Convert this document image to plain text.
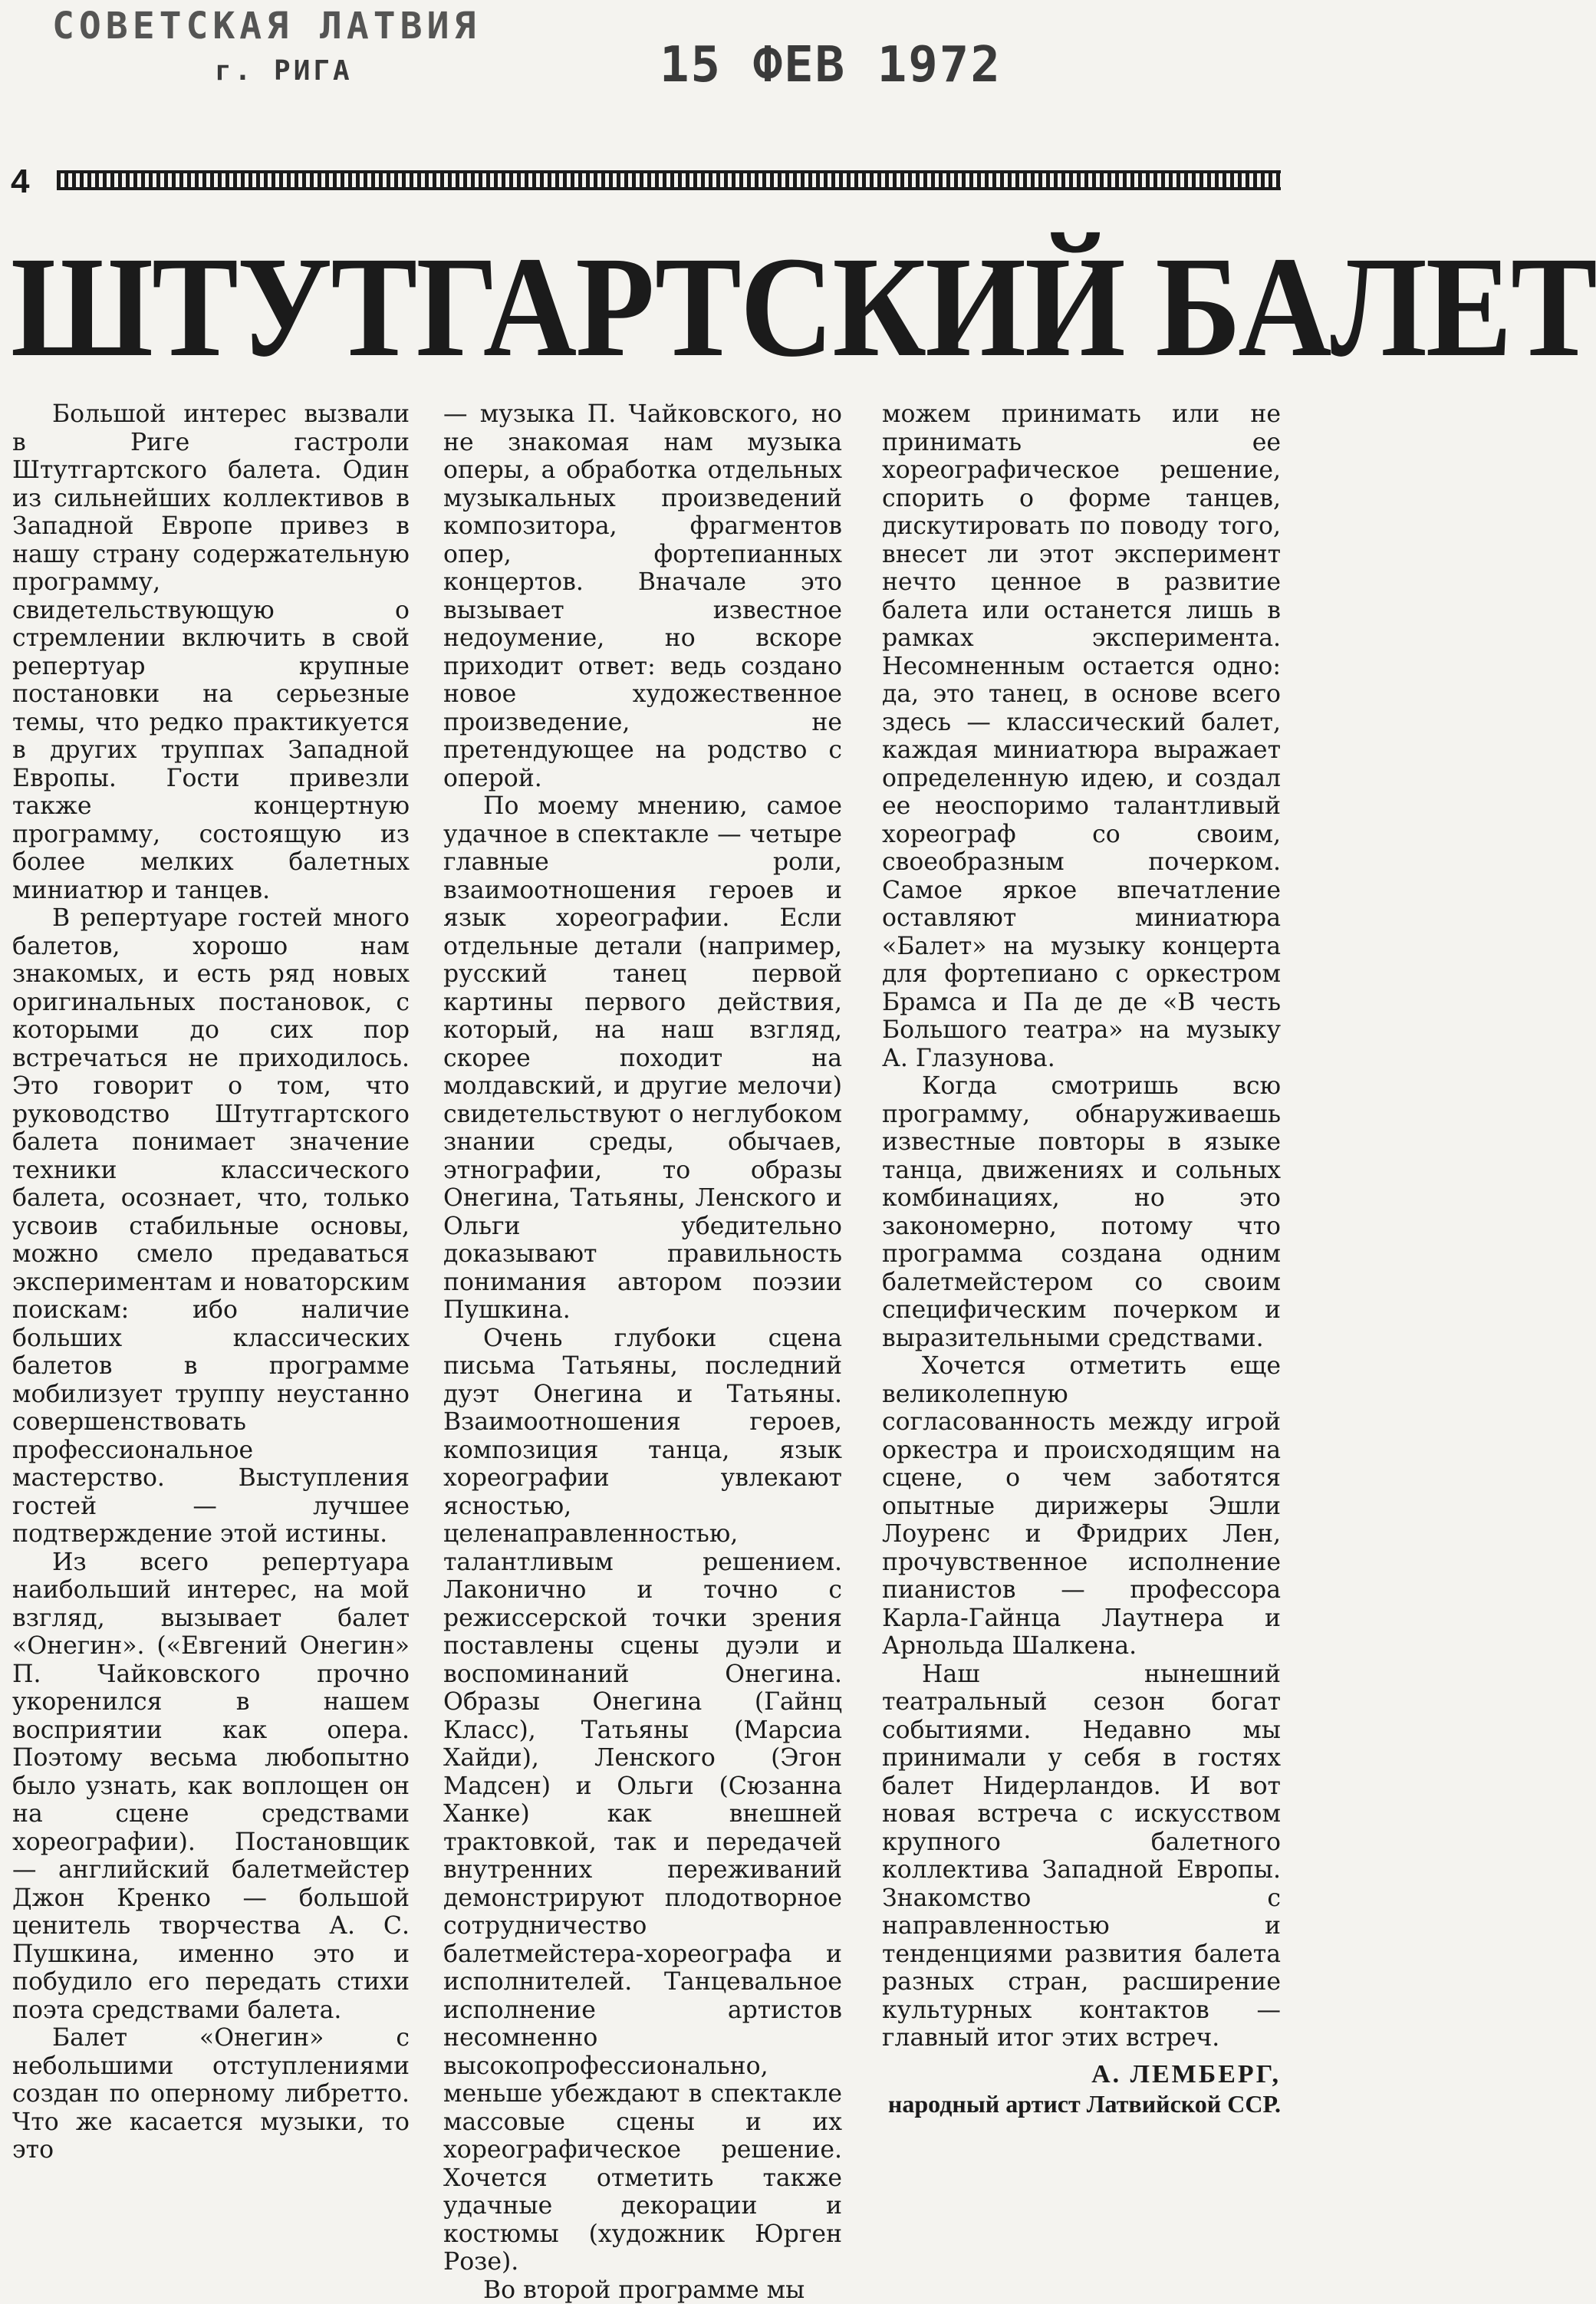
СОВЕТСКАЯ ЛАТВИЯ
г. РИГА	15 ФЕВ 1972
4
ШТУТГАРТСКИЙ БАЛЕТ

Большой интерес вызвали в Риге гастроли Штутгартского балета. Один из сильнейших коллективов в Западной Европе привез в нашу страну содержательную программу, свидетельствующую о стремлении включить в свой репертуар крупные постановки на серьезные темы, что редко практикуется в других труппах Западной Европы. Гости привезли также концертную программу, состоящую из более мелких балетных миниатюр и танцев.

В репертуаре гостей много балетов, хорошо нам знакомых, и есть ряд новых оригинальных постановок, с которыми до сих пор встречаться не приходилось. Это говорит о том, что руководство Штутгартского балета понимает значение техники классического балета, осознает, что, только усвоив стабильные основы, можно смело предаваться экспериментам и новаторским поискам: ибо наличие больших классических балетов в программе мобилизует труппу неустанно совершенствовать профессиональное мастерство. Выступления гостей — лучшее подтверждение этой истины.

Из всего репертуара наибольший интерес, на мой взгляд, вызывает балет «Онегин». («Евгений Онегин» П. Чайковского прочно укоренился в нашем восприятии как опера. Поэтому весьма любопытно было узнать, как воплощен он на сцене средствами хореографии). Постановщик — английский балетмейстер Джон Кренко — большой ценитель творчества А. С. Пушкина, именно это и побудило его передать стихи поэта средствами балета.

Балет «Онегин» с небольшими отступлениями создан по оперному либретто. Что же касается музыки, то это

— музыка П. Чайковского, но не знакомая нам музыка оперы, а обработка отдельных музыкальных произведений композитора, фрагментов опер, фортепианных концертов. Вначале это вызывает известное недоумение, но вскоре приходит ответ: ведь создано новое художественное произведение, не претендующее на родство с оперой.

По моему мнению, самое удачное в спектакле — четыре главные роли, взаимоотношения героев и язык хореографии. Если отдельные детали (например, русский танец первой картины первого действия, который, на наш взгляд, скорее походит на молдавский, и другие мелочи) свидетельствуют о неглубоком знании среды, обычаев, этнографии, то образы Онегина, Татьяны, Ленского и Ольги убедительно доказывают правильность понимания автором поэзии Пушкина.

Очень глубоки сцена письма Татьяны, последний дуэт Онегина и Татьяны. Взаимоотношения героев, композиция танца, язык хореографии увлекают ясностью, целенаправленностью, талантливым решением. Лаконично и точно с режиссерской точки зрения поставлены сцены дуэли и воспоминаний Онегина. Образы Онегина (Гайнц Класс), Татьяны (Марсиа Хайди), Ленского (Эгон Мадсен) и Ольги (Сюзанна Ханке) как внешней трактовкой, так и передачей внутренних переживаний демонстрируют плодотворное сотрудничество балетмейстера-хореографа и исполнителей. Танцевальное исполнение артистов несомненно высокопрофессионально, меньше убеждают в спектакле массовые сцены и их хореографическое решение. Хочется отметить также удачные декорации и костюмы (художник Юрген Розе).

Во второй программе мы

можем принимать или не принимать ее хореографическое решение, спорить о форме танцев, дискутировать по поводу того, внесет ли этот эксперимент нечто ценное в развитие балета или останется лишь в рамках эксперимента. Несомненным остается одно: да, это танец, в основе всего здесь — классический балет, каждая миниатюра выражает определенную идею, и создал ее неоспоримо талантливый хореограф со своим, своеобразным почерком. Самое яркое впечатление оставляют миниатюра «Балет» на музыку концерта для фортепиано с оркестром Брамса и Па де де «В честь Большого театра» на музыку А. Глазунова.

Когда смотришь всю программу, обнаруживаешь известные повторы в языке танца, движениях и сольных комбинациях, но это закономерно, потому что программа создана одним балетмейстером со своим специфическим почерком и выразительными средствами.

Хочется отметить еще великолепную согласованность между игрой оркестра и происходящим на сцене, о чем заботятся опытные дирижеры Эшли Лоуренс и Фридрих Лен, прочувственное исполнение пианистов — профессора Карла-Гайнца Лаутнера и Арнольда Шалкена.

Наш нынешний театральный сезон богат событиями. Недавно мы принимали у себя в гостях балет Нидерландов. И вот новая встреча с искусством крупного балетного коллектива Западной Европы. Знакомство с направленностью и тенденциями развития балета разных стран, расширение культурных контактов — главный итог этих встреч.

А. ЛЕМБЕРГ,
народный артист Латвийской ССР.
